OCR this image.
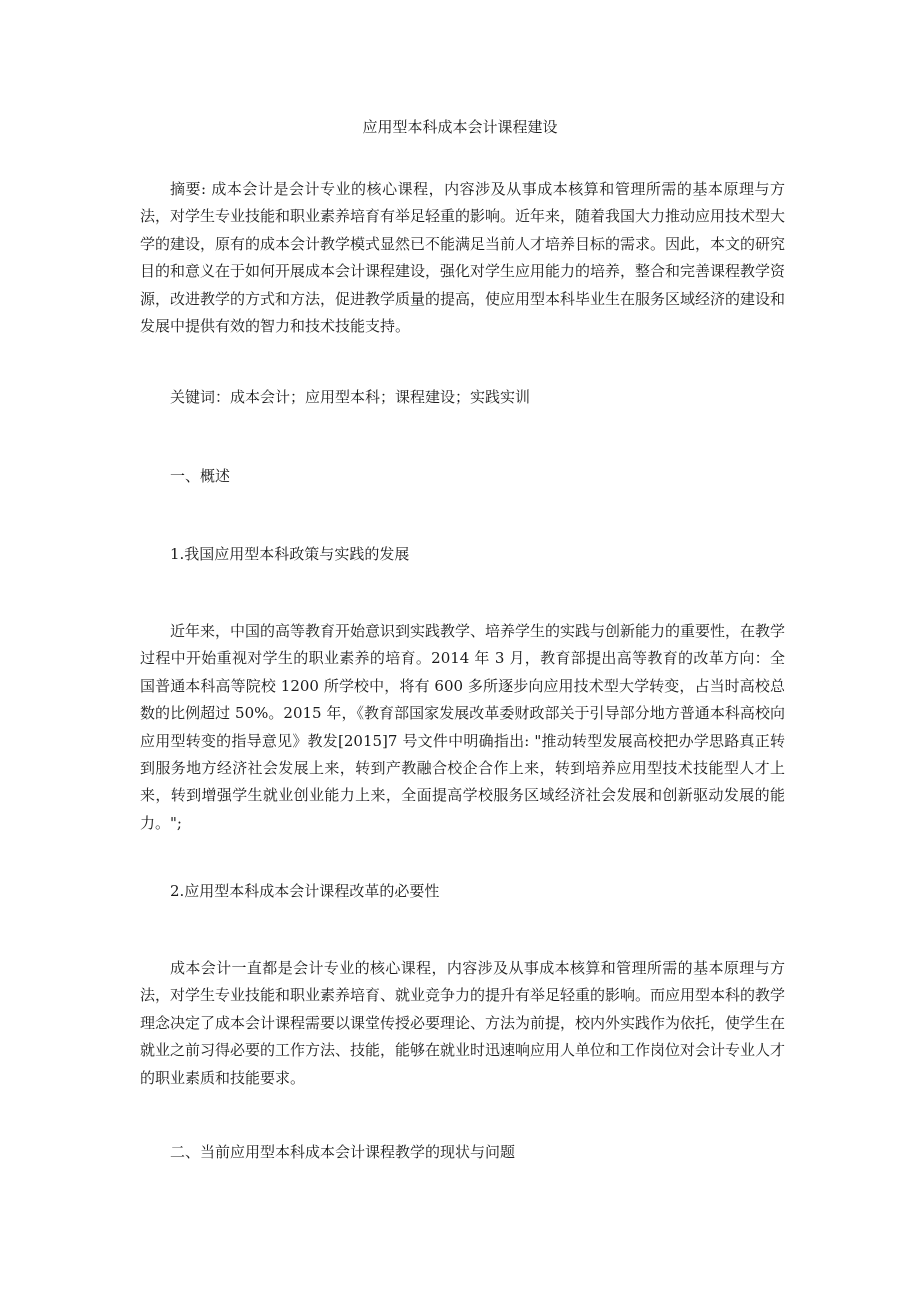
应用型本科成本会计课程建设

摘要: 成本会计是会计专业的核心课程，内容涉及从事成本核算和管理所需的基本原理与方法，对学生专业技能和职业素养培育有举足轻重的影响。近年来，随着我国大力推动应用技术型大学的建设，原有的成本会计教学模式显然已不能满足当前人才培养目标的需求。因此，本文的研究目的和意义在于如何开展成本会计课程建设，强化对学生应用能力的培养，整合和完善课程教学资源，改进教学的方式和方法，促进教学质量的提高，使应用型本科毕业生在服务区域经济的建设和发展中提供有效的智力和技术技能支持。

关键词：成本会计；应用型本科；课程建设；实践实训

一、概述

1.我国应用型本科政策与实践的发展

近年来，中国的高等教育开始意识到实践教学、培养学生的实践与创新能力的重要性，在教学过程中开始重视对学生的职业素养的培育。2014 年 3 月，教育部提出高等教育的改革方向：全国普通本科高等院校 1200 所学校中，将有 600 多所逐步向应用技术型大学转变，占当时高校总数的比例超过 50%。2015 年，《教育部国家发展改革委财政部关于引导部分地方普通本科高校向应用型转变的指导意见》教发[2015]7 号文件中明确指出: "推动转型发展高校把办学思路真正转到服务地方经济社会发展上来，转到产教融合校企合作上来，转到培养应用型技术技能型人才上来，转到增强学生就业创业能力上来，全面提高学校服务区域经济社会发展和创新驱动发展的能力。";

2.应用型本科成本会计课程改革的必要性

成本会计一直都是会计专业的核心课程，内容涉及从事成本核算和管理所需的基本原理与方法，对学生专业技能和职业素养培育、就业竞争力的提升有举足轻重的影响。而应用型本科的教学理念决定了成本会计课程需要以课堂传授必要理论、方法为前提，校内外实践作为依托，使学生在就业之前习得必要的工作方法、技能，能够在就业时迅速响应用人单位和工作岗位对会计专业人才的职业素质和技能要求。

二、当前应用型本科成本会计课程教学的现状与问题
